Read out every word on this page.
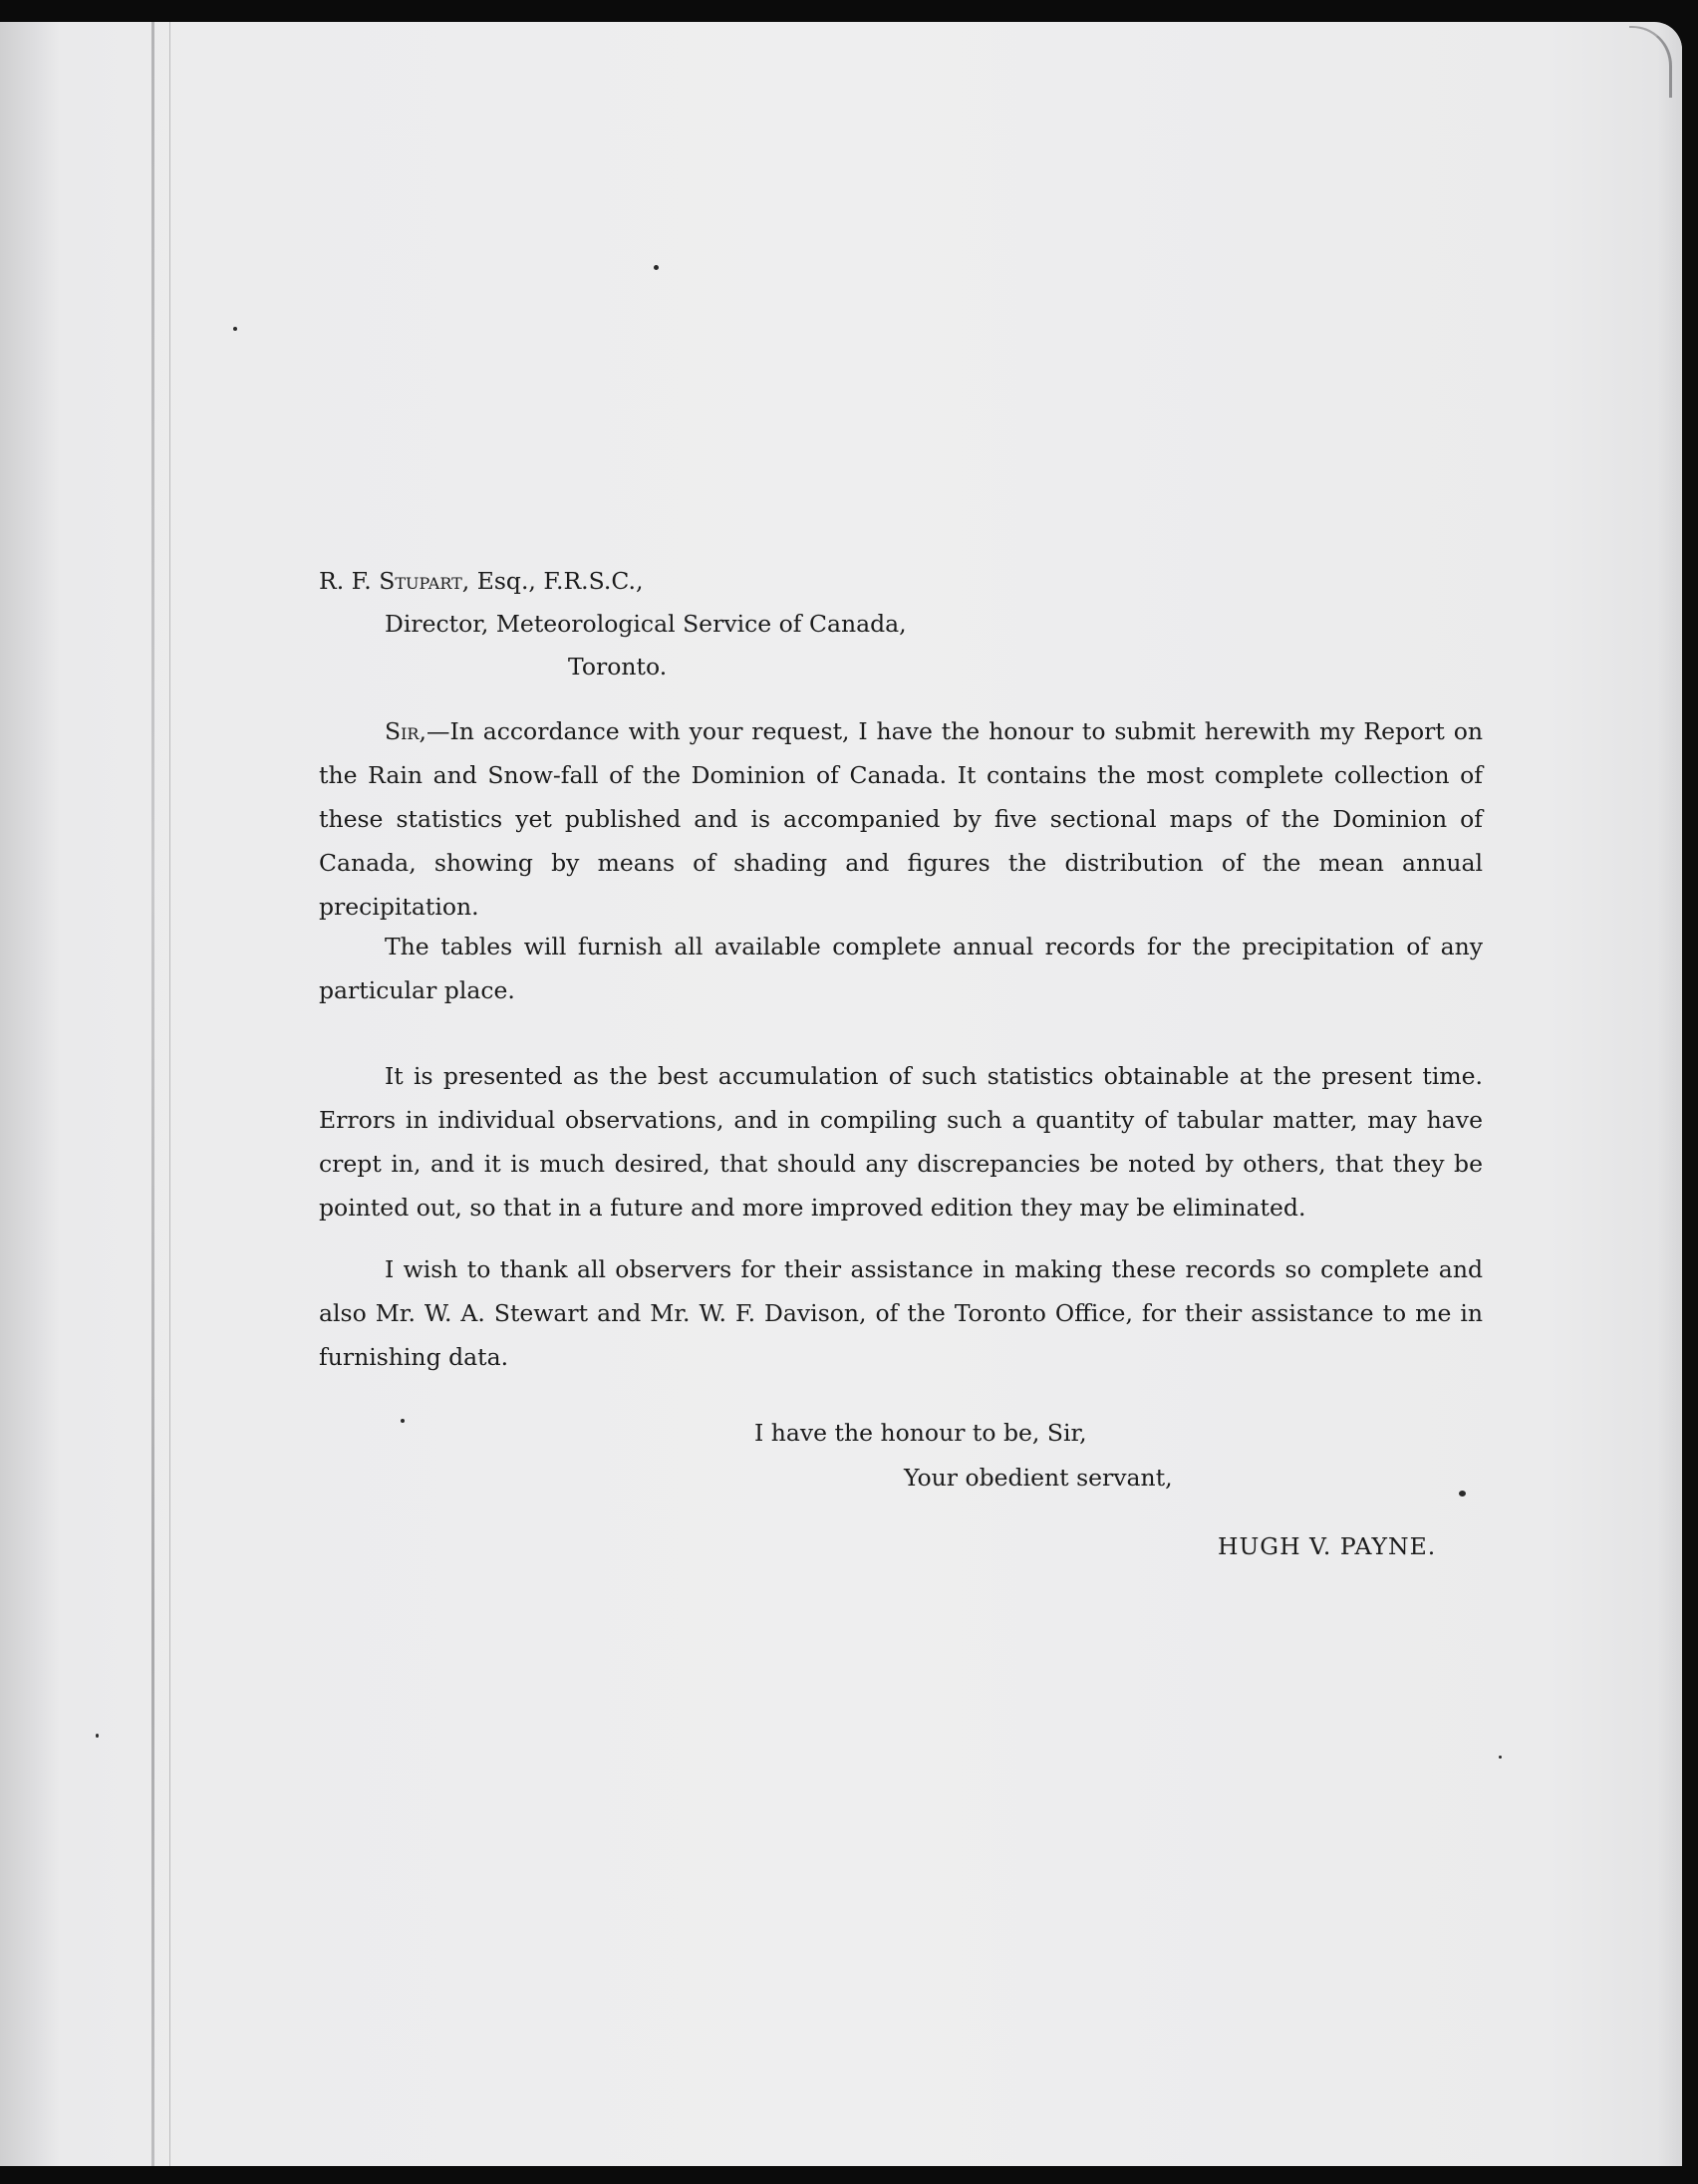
R. F. Stupart, Esq., F.R.S.C.,
Director, Meteorological Service of Canada,
Toronto.

Sir,—In accordance with your request, I have the honour to submit herewith my Report on the Rain and Snow-fall of the Dominion of Canada. It contains the most complete collection of these statistics yet published and is accompanied by five sectional maps of the Dominion of Canada, showing by means of shading and figures the distribution of the mean annual precipitation.

The tables will furnish all available complete annual records for the precipitation of any particular place.

It is presented as the best accumulation of such statistics obtainable at the present time. Errors in individual observations, and in compiling such a quantity of tabular matter, may have crept in, and it is much desired, that should any discrepancies be noted by others, that they be pointed out, so that in a future and more improved edition they may be eliminated.

I wish to thank all observers for their assistance in making these records so complete and also Mr. W. A. Stewart and Mr. W. F. Davison, of the Toronto Office, for their assistance to me in furnishing data.

I have the honour to be, Sir,
Your obedient servant,
HUGH V. PAYNE.
